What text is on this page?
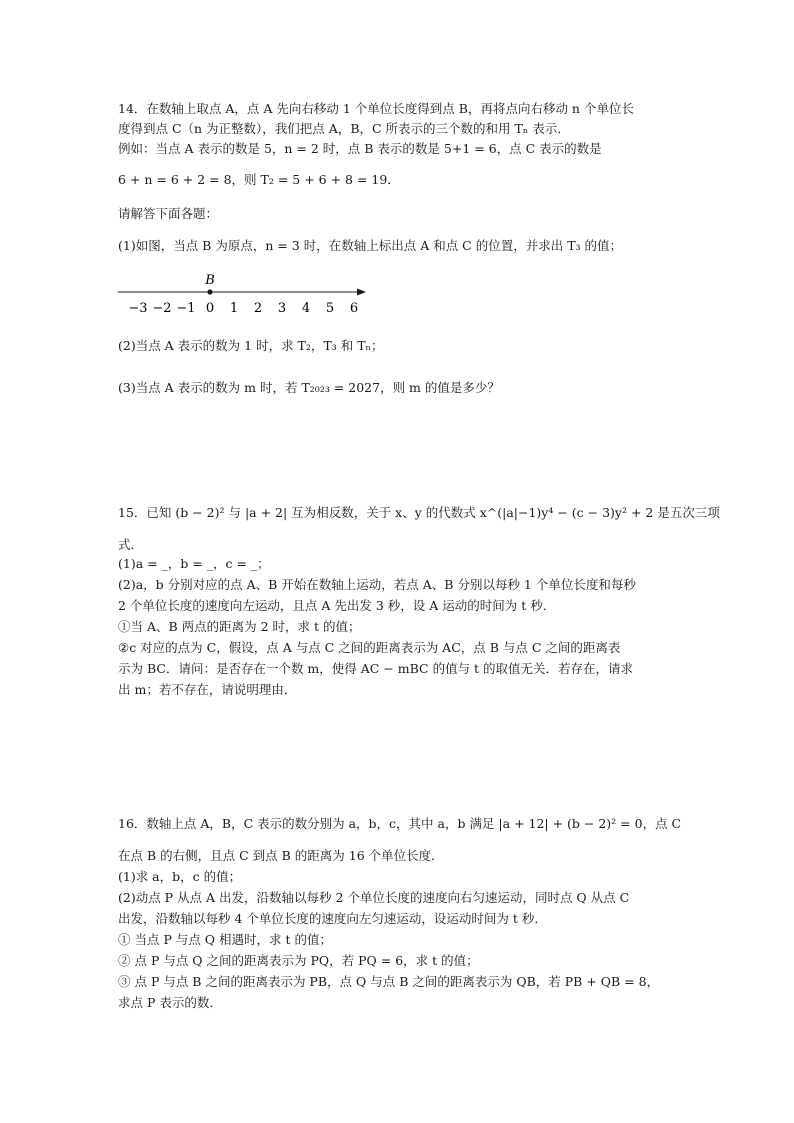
14．在数轴上取点 A，点 A 先向右移动 1 个单位长度得到点 B，再将点向右移动 n 个单位长
度得到点 C（n 为正整数），我们把点 A，B，C 所表示的三个数的和用 Tₙ 表示．
例如：当点 A 表示的数是 5，n = 2 时，点 B 表示的数是 5+1 = 6，点 C 表示的数是
6 + n = 6 + 2 = 8，则 T₂ = 5 + 6 + 8 = 19．
请解答下面各题：
(1)如图，当点 B 为原点，n = 3 时，在数轴上标出点 A 和点 C 的位置，并求出 T₃ 的值；
−3 −2 −1 0 1 2 3 4 5 6
B
(2)当点 A 表示的数为 1 时，求 T₂，T₃ 和 Tₙ；
(3)当点 A 表示的数为 m 时，若 T₂₀₂₃ = 2027，则 m 的值是多少？
15．已知 (b − 2)² 与 |a + 2| 互为相反数，关于 x、y 的代数式 x^(|a|−1)y⁴ − (c − 3)y² + 2 是五次三项
式．
(1)a = _，b = _，c = _；
(2)a，b 分别对应的点 A、B 开始在数轴上运动，若点 A、B 分别以每秒 1 个单位长度和每秒
2 个单位长度的速度向左运动，且点 A 先出发 3 秒，设 A 运动的时间为 t 秒．
①当 A、B 两点的距离为 2 时，求 t 的值；
②c 对应的点为 C，假设，点 A 与点 C 之间的距离表示为 AC，点 B 与点 C 之间的距离表
示为 BC．请问：是否存在一个数 m，使得 AC − mBC 的值与 t 的取值无关．若存在，请求
出 m；若不存在，请说明理由．
16．数轴上点 A，B，C 表示的数分别为 a，b，c，其中 a，b 满足 |a + 12| + (b − 2)² = 0，点 C
在点 B 的右侧，且点 C 到点 B 的距离为 16 个单位长度．
(1)求 a，b，c 的值；
(2)动点 P 从点 A 出发，沿数轴以每秒 2 个单位长度的速度向右匀速运动，同时点 Q 从点 C
出发，沿数轴以每秒 4 个单位长度的速度向左匀速运动，设运动时间为 t 秒．
① 当点 P 与点 Q 相遇时，求 t 的值；
② 点 P 与点 Q 之间的距离表示为 PQ，若 PQ = 6，求 t 的值；
③ 点 P 与点 B 之间的距离表示为 PB，点 Q 与点 B 之间的距离表示为 QB，若 PB + QB = 8，
求点 P 表示的数．
